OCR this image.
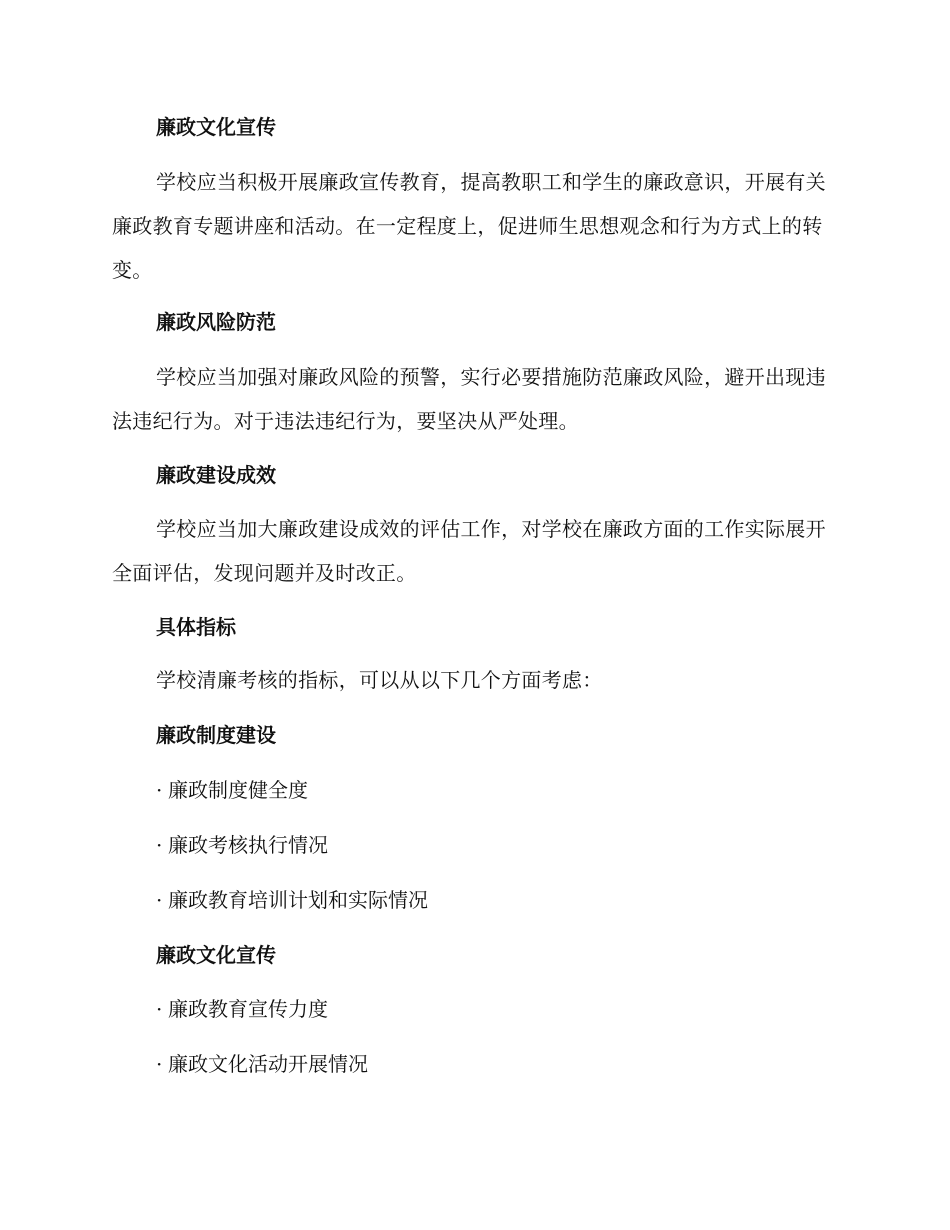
廉政文化宣传

学校应当积极开展廉政宣传教育，提高教职工和学生的廉政意识，开展有关廉政教育专题讲座和活动。在一定程度上，促进师生思想观念和行为方式上的转变。

廉政风险防范

学校应当加强对廉政风险的预警，实行必要措施防范廉政风险，避开出现违法违纪行为。对于违法违纪行为，要坚决从严处理。

廉政建设成效

学校应当加大廉政建设成效的评估工作，对学校在廉政方面的工作实际展开全面评估，发现问题并及时改正。

具体指标

学校清廉考核的指标，可以从以下几个方面考虑：

廉政制度建设
· 廉政制度健全度
· 廉政考核执行情况
· 廉政教育培训计划和实际情况
廉政文化宣传
· 廉政教育宣传力度
· 廉政文化活动开展情况
